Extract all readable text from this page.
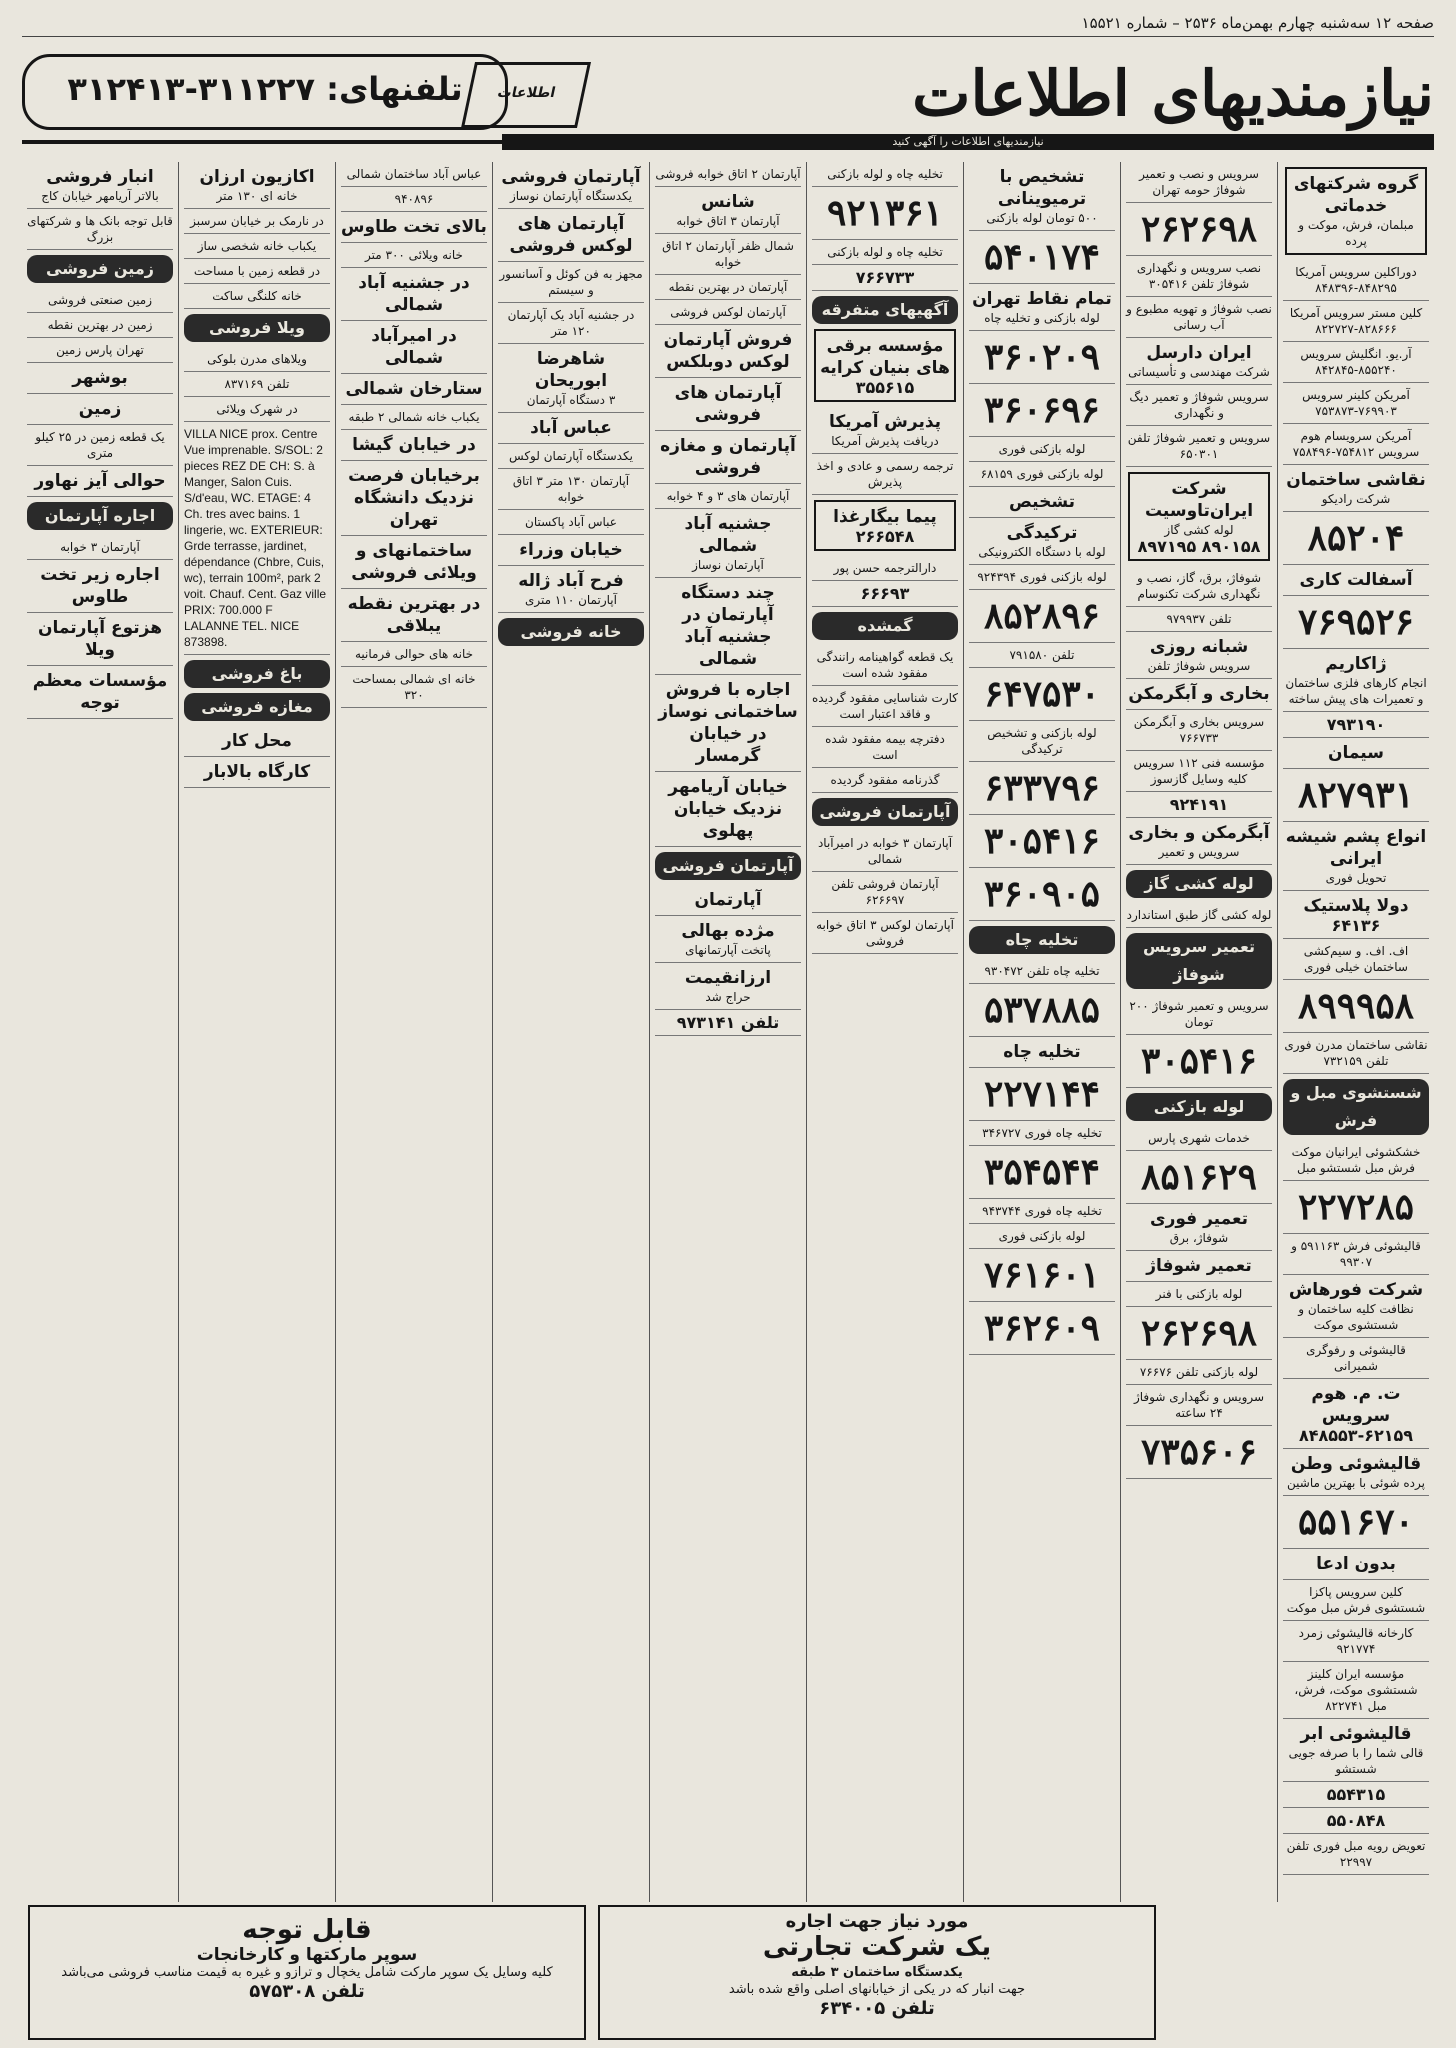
صفحه ۱۲ سه‌شنبه چهارم بهمن‌ماه ۲۵۳۶ – شماره ۱۵۵۲۱
نیازمندیهای اطلاعات
اطلاعات
تلفنهای: ۳۱۱۲۲۷-۳۱۲۴۱۳
نیازمندیهای اطلاعات را آگهی کنید
گروه شرکتهای خدماتی
مبلمان، فرش، موکت و پرده
دوراکلین سرویس آمریکا ۸۴۸۲۹۵-۸۴۸۳۹۶
کلین مستر سرویس آمریکا ۸۲۸۶۶۶-۸۲۲۷۲۷
آر.یو. انگلیش سرویس ۸۵۵۲۴۰-۸۴۲۸۴۵
آمریکن کلینر سرویس ۷۶۹۹۰۳-۷۵۳۸۷۳
آمریکن سرویسام هوم سرویس ۷۵۴۸۱۲-۷۵۸۴۹۶
نقاشی ساختمان
شرکت رادیکو
۸۵۲۰۴
آسفالت کاری
۷۶۹۵۲۶
ژاکاریم
انجام کارهای فلزی ساختمان و تعمیرات های پیش ساخته
۷۹۳۱۹۰
سیمان
۸۲۷۹۳۱
انواع پشم شیشه ایرانی
تحویل فوری
دولا پلاستیک
۶۴۱۳۶
اف. اف. و سیم‌کشی ساختمان خیلی فوری
۸۹۹۹۵۸
نقاشی ساختمان مدرن فوری تلفن ۷۳۲۱۵۹
شستشوی مبل و فرش
خشکشوئی ایرانیان موکت فرش مبل شستشو مبل
۲۲۷۲۸۵
قالیشوئی فرش ۵۹۱۱۶۳ و ۹۹۳۰۷
شرکت فورهاش
نظافت کلیه ساختمان و شستشوی موکت
قالیشوئی و رفوگری شمیرانی
ت. م. هوم سرویس
۸۴۸۵۵۳-۶۲۱۵۹
قالیشوئی وطن
پرده شوئی با بهترین ماشین
۵۵۱۶۷۰
بدون ادعا
کلین سرویس پاکزا شستشوی فرش مبل موکت
کارخانه قالیشوئی زمرد ۹۲۱۷۷۴
مؤسسه ایران کلینز شستشوی موکت، فرش، مبل ۸۲۲۷۴۱
قالیشوئی ابر
قالی شما را با صرفه جویی شستشو
۵۵۴۳۱۵
۵۵۰۸۴۸
تعویض رویه مبل فوری تلفن ۲۲۹۹۷
سرویس و نصب و تعمیر شوفاژ حومه تهران
۲۶۲۶۹۸
نصب سرویس و نگهداری شوفاژ تلفن ۳۰۵۴۱۶
نصب شوفاژ و تهویه مطبوع و آب رسانی
ایران دارسل
شرکت مهندسی و تأسیساتی
سرویس شوفاژ و تعمیر دیگ و نگهداری
سرویس و تعمیر شوفاژ تلفن ۶۵۰۳۰۱
شرکت ایران‌تاوسیت
لوله کشی گاز
۸۹۰۱۵۸ ۸۹۷۱۹۵
شوفاژ، برق، گاز، نصب و نگهداری شرکت تکنوسام
تلفن ۹۷۹۹۳۷
شبانه روزی
سرویس شوفاژ تلفن
بخاری و آبگرمکن
سرویس بخاری و آبگرمکن ۷۶۶۷۳۳
مؤسسه فنی ۱۱۲ سرویس کلیه وسایل گازسوز
۹۲۴۱۹۱
آبگرمکن و بخاری
سرویس و تعمیر
لوله کشی گاز
لوله کشی گاز طبق استاندارد
تعمیر سرویس شوفاژ
سرویس و تعمیر شوفاژ ۲۰۰ تومان
۳۰۵۴۱۶
لوله بازکنی
خدمات شهری پارس
۸۵۱۶۲۹
تعمیر فوری
شوفاژ، برق
تعمیر شوفاژ
لوله بازکنی با فنر
۲۶۲۶۹۸
لوله بازکنی تلفن ۷۶۶۷۶
سرویس و نگهداری شوفاژ ۲۴ ساعته
۷۳۵۶۰۶
تشخیص با ترمیوینانی
۵۰۰ تومان لوله بازکنی
۵۴۰۱۷۴
تمام نقاط تهران
لوله بازکنی و تخلیه چاه
۳۶۰۲۰۹
۳۶۰۶۹۶
لوله بازکنی فوری
لوله بازکنی فوری ۶۸۱۵۹
تشخیص
ترکیدگی
لوله با دستگاه الکترونیکی
لوله بازکنی فوری ۹۲۴۳۹۴
۸۵۲۸۹۶
تلفن ۷۹۱۵۸۰
۶۴۷۵۳۰
لوله بازکنی و تشخیص ترکیدگی
۶۳۳۷۹۶
۳۰۵۴۱۶
۳۶۰۹۰۵
تخلیه چاه
تخلیه چاه تلفن ۹۳۰۴۷۲
۵۳۷۸۸۵
تخلیه چاه
۲۲۷۱۴۴
تخلیه چاه فوری ۳۴۶۷۲۷
۳۵۴۵۴۴
تخلیه چاه فوری ۹۴۳۷۴۴
لوله بازکنی فوری
۷۶۱۶۰۱
۳۶۲۶۰۹
تخلیه چاه و لوله بازکنی
۹۲۱۳۶۱
تخلیه چاه و لوله بازکنی
۷۶۶۷۳۳
آگهیهای متفرقه
مؤسسه برقی های بنیان کرایه
۳۵۵۶۱۵
پذیرش آمریکا
دریافت پذیرش آمریکا
ترجمه رسمی و عادی و اخذ پذیرش
پیما بیگارغذا
۲۶۶۵۴۸
دارالترجمه حسن پور
۶۶۶۹۳
گمشده
یک قطعه گواهینامه رانندگی مفقود شده است
کارت شناسایی مفقود گردیده و فاقد اعتبار است
دفترچه بیمه مفقود شده است
گذرنامه مفقود گردیده
آپارتمان فروشی
آپارتمان ۳ خوابه در امیرآباد شمالی
آپارتمان فروشی تلفن ۶۲۶۶۹۷
آپارتمان لوکس ۳ اتاق خوابه فروشی
آپارتمان ۲ اتاق خوابه فروشی
شانس
آپارتمان ۳ اتاق خوابه
شمال ظفر آپارتمان ۲ اتاق خوابه
آپارتمان در بهترین نقطه
آپارتمان لوکس فروشی
فروش آپارتمان لوکس دوبلکس
آپارتمان های فروشی
آپارتمان و مغازه فروشی
آپارتمان های ۳ و ۴ خوابه
جشنیه آباد شمالی
آپارتمان نوساز
چند دستگاه آپارتمان در جشنیه آباد شمالی
اجاره با فروش ساختمانی نوساز در خیابان گرمسار
خیابان آریامهر نزدیک خیابان پهلوی
آپارتمان فروشی
آپارتمان
مژده بهالی
پاتخت آپارتمانهای
ارزانقیمت
حراج شد
تلفن ۹۷۳۱۴۱
آپارتمان فروشی
یکدستگاه آپارتمان نوساز
آپارتمان های لوکس فروشی
مجهز به فن کوئل و آسانسور و سیستم
در جشنیه آباد یک آپارتمان ۱۲۰ متر
شاهرضا ابوریحان
۳ دستگاه آپارتمان
عباس آباد
یکدستگاه آپارتمان لوکس
آپارتمان ۱۳۰ متر ۳ اتاق خوابه
عباس آباد پاکستان
خیابان وزراء
فرح آباد ژاله
آپارتمان ۱۱۰ متری
خانه فروشی
عباس آباد ساختمان شمالی
۹۴۰۸۹۶
بالای تخت طاوس
خانه ویلائی ۳۰۰ متر
در جشنیه آباد شمالی
در امیرآباد شمالی
ستارخان شمالی
یکباب خانه شمالی ۲ طبقه
در خیابان گیشا
برخیابان فرصت نزدیک دانشگاه تهران
ساختمانهای و ویلائی فروشی
در بهترین نقطه یبلاقی
خانه های حوالی فرمانیه
خانه ای شمالی بمساحت ۳۲۰
اکازیون ارزان
خانه ای ۱۳۰ متر
در نارمک بر خیابان سرسبز
یکباب خانه شخصی ساز
در قطعه زمین با مساحت
خانه کلنگی ساکت
ویلا فروشی
ویلاهای مدرن بلوکی
تلفن ۸۳۷۱۶۹
در شهرک ویلائی
VILLA NICE prox. Centre Vue imprenable. S/SOL: 2 pieces REZ DE CH: S. à Manger, Salon Cuis. S/d'eau, WC. ETAGE: 4 Ch. tres avec bains. 1 lingerie, wc. EXTERIEUR: Grde terrasse, jardinet, dépendance (Chbre, Cuis, wc), terrain 100m², park 2 voit. Chauf. Cent. Gaz ville PRIX: 700.000 F LALANNE TEL. NICE 873898.
باغ فروشی
مغازه فروشی
محل کار
کارگاه بالابار
انبار فروشی
بالاتر آریامهر خیابان کاج
قابل توجه بانک ها و شرکتهای بزرگ
زمین فروشی
زمین صنعتی فروشی
زمین در بهترین نقطه
تهران پارس زمین
بوشهر
زمین
یک قطعه زمین در ۲۵ کیلو متری
حوالی آیز نهاور
اجاره آپارتمان
آپارتمان ۳ خوابه
اجاره زیر تخت طاوس
هزتوع آپارتمان ویلا
مؤسسات معظم توجه
قابل توجه
سوپر مارکتها و کارخانجات
کلیه وسایل یک سوپر مارکت شامل یخچال و ترازو و غیره به قیمت مناسب فروشی می‌باشد
تلفن ۵۷۵۳۰۸
مورد نیاز جهت اجاره
یک شرکت تجارتی
یکدستگاه ساختمان ۳ طبقه
جهت انبار که در یکی از خیابانهای اصلی واقع شده باشد
تلفن ۶۳۴۰۰۵
